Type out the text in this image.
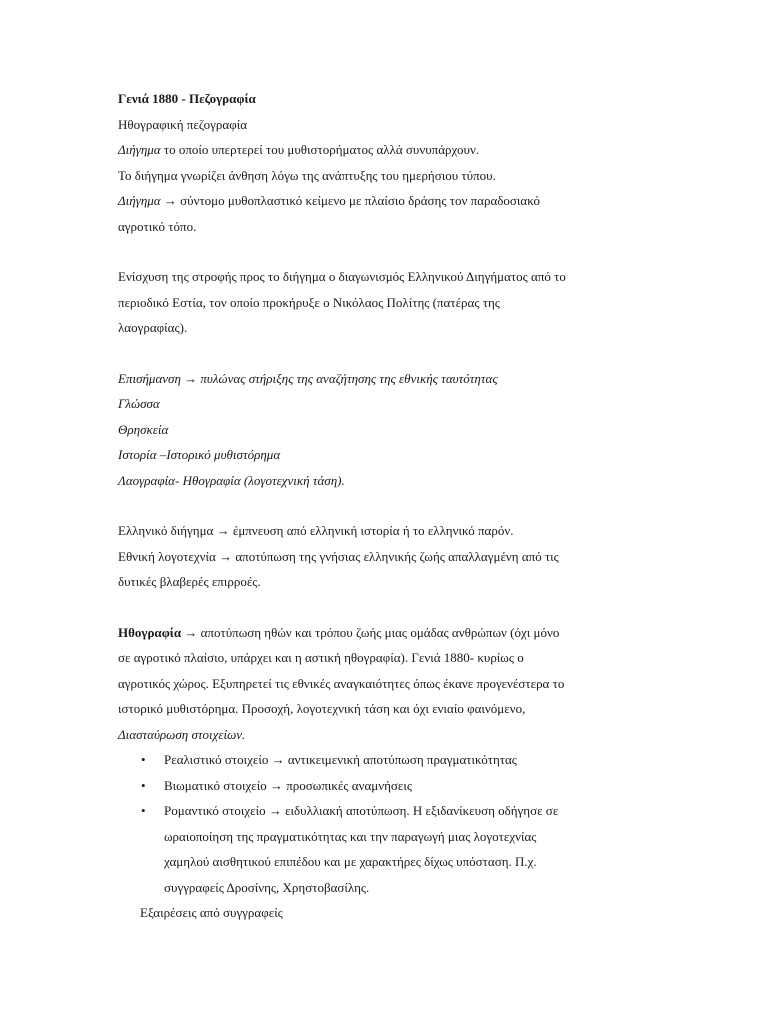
Γενιά 1880 - Πεζογραφία
Ηθογραφική πεζογραφία
Διήγημα το οποίο υπερτερεί του μυθιστορήματος αλλά συνυπάρχουν.
Το διήγημα γνωρίζει άνθηση λόγω της ανάπτυξης του ημερήσιου τύπου.
Διήγημα → σύντομο μυθοπλαστικό κείμενο με πλαίσιο δράσης τον παραδοσιακό
αγροτικό τόπο.
Ενίσχυση της στροφής προς το διήγημα ο διαγωνισμός Ελληνικού Διηγήματος από το
περιοδικό Εστία, τον οποίο προκήρυξε ο Νικόλαος Πολίτης (πατέρας της
λαογραφίας).
Επισήμανση → πυλώνας στήριξης της αναζήτησης της εθνικής ταυτότητας
Γλώσσα
Θρησκεία
Ιστορία –Ιστορικό μυθιστόρημα
Λαογραφία- Ηθογραφία (λογοτεχνική τάση).
Ελληνικό διήγημα → έμπνευση από ελληνική ιστορία ή το ελληνικό παρόν.
Εθνική λογοτεχνία → αποτύπωση της γνήσιας ελληνικής ζωής απαλλαγμένη από τις
δυτικές βλαβερές επιρροές.
Ηθογραφία → αποτύπωση ηθών και τρόπου ζωής μιας ομάδας ανθρώπων (όχι μόνο
σε αγροτικό πλαίσιο, υπάρχει και η αστική ηθογραφία). Γενιά 1880- κυρίως ο
αγροτικός χώρος. Εξυπηρετεί τις εθνικές αναγκαιότητες όπως έκανε προγενέστερα το
ιστορικό μυθιστόρημα. Προσοχή, λογοτεχνική τάση και όχι ενιαίο φαινόμενο,
Διασταύρωση στοιχείων.
• Ρεαλιστικό στοιχείο → αντικειμενική αποτύπωση πραγματικότητας
• Βιωματικό στοιχείο → προσωπικές αναμνήσεις
• Ρομαντικό στοιχείο → ειδυλλιακή αποτύπωση. Η εξιδανίκευση οδήγησε σε
ωραιοποίηση της πραγματικότητας και την παραγωγή μιας λογοτεχνίας
χαμηλού αισθητικού επιπέδου και με χαρακτήρες δίχως υπόσταση. Π.χ.
συγγραφείς Δροσίνης, Χρηστοβασίλης.
Εξαιρέσεις από συγγραφείς
